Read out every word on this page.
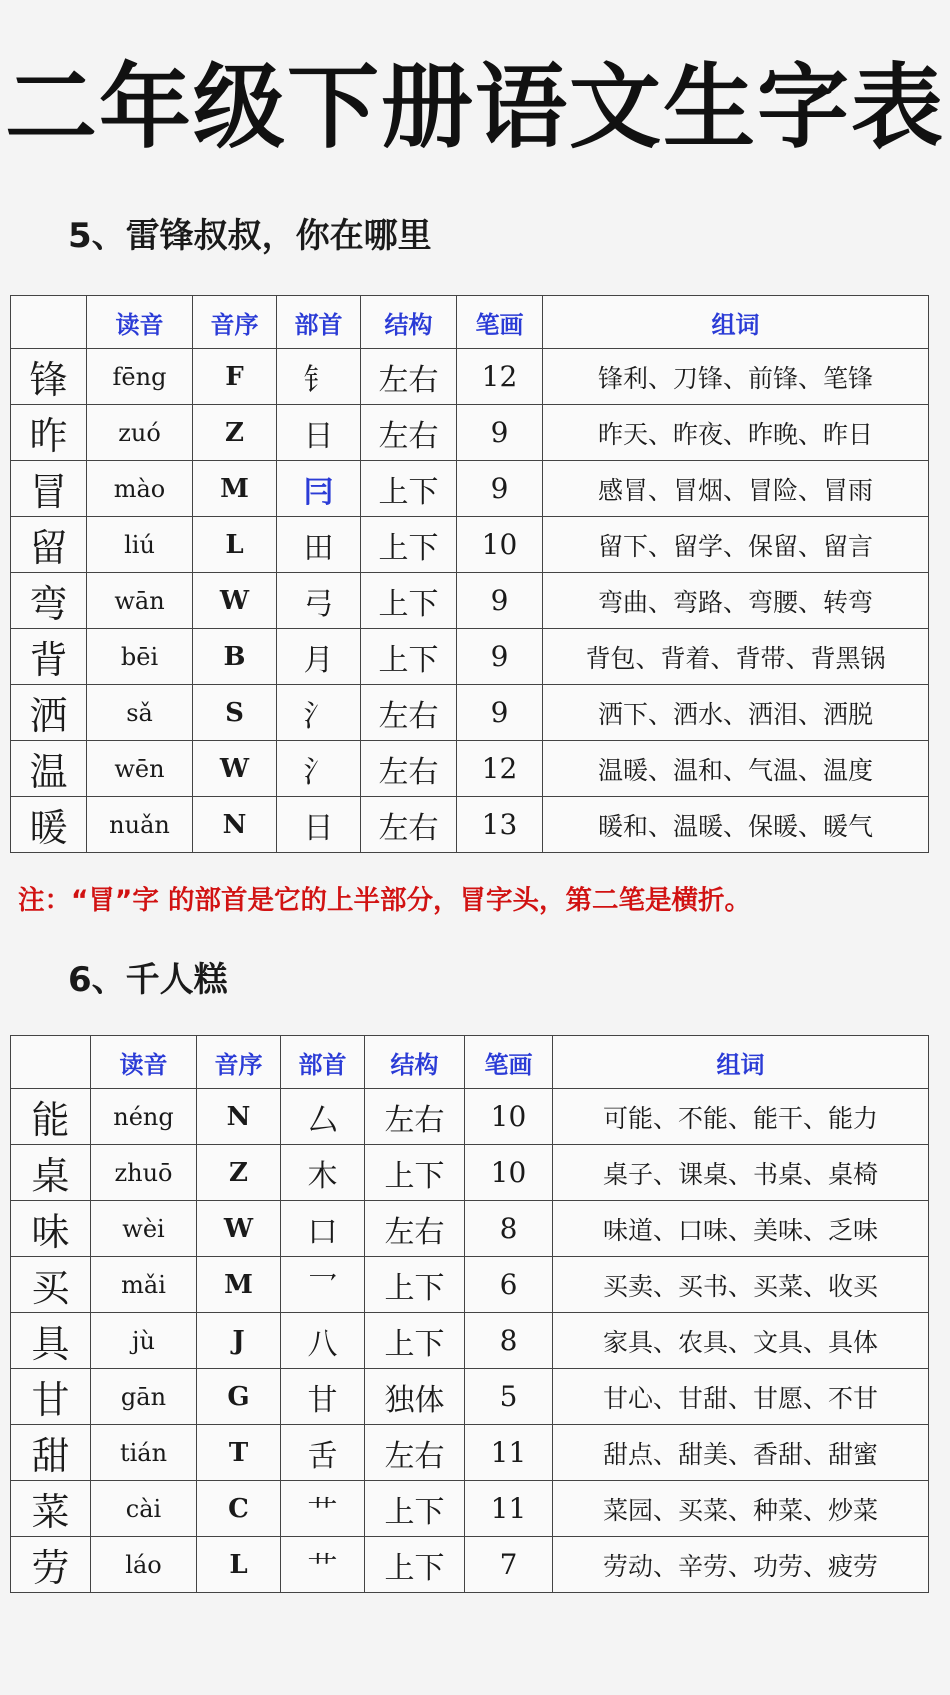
二年级下册语文生字表
5、雷锋叔叔，你在哪里
	读音	音序	部首	结构	笔画	组词
锋	fēng	F	钅	左右	12	锋利、刀锋、前锋、笔锋
昨	zuó	Z	日	左右	9	昨天、昨夜、昨晚、昨日
冒	mào	M	冃	上下	9	感冒、冒烟、冒险、冒雨
留	liú	L	田	上下	10	留下、留学、保留、留言
弯	wān	W	弓	上下	9	弯曲、弯路、弯腰、转弯
背	bēi	B	月	上下	9	背包、背着、背带、背黑锅
洒	sǎ	S	氵	左右	9	洒下、洒水、洒泪、洒脱
温	wēn	W	氵	左右	12	温暖、温和、气温、温度
暖	nuǎn	N	日	左右	13	暖和、温暖、保暖、暖气
注：“冒”字 的部首是它的上半部分，冒字头，第二笔是横折。
6、千人糕
	读音	音序	部首	结构	笔画	组词
能	néng	N	厶	左右	10	可能、不能、能干、能力
桌	zhuō	Z	木	上下	10	桌子、课桌、书桌、桌椅
味	wèi	W	口	左右	8	味道、口味、美味、乏味
买	mǎi	M	乛	上下	6	买卖、买书、买菜、收买
具	jù	J	八	上下	8	家具、农具、文具、具体
甘	gān	G	甘	独体	5	甘心、甘甜、甘愿、不甘
甜	tián	T	舌	左右	11	甜点、甜美、香甜、甜蜜
菜	cài	C	艹	上下	11	菜园、买菜、种菜、炒菜
劳	láo	L	艹	上下	7	劳动、辛劳、功劳、疲劳
